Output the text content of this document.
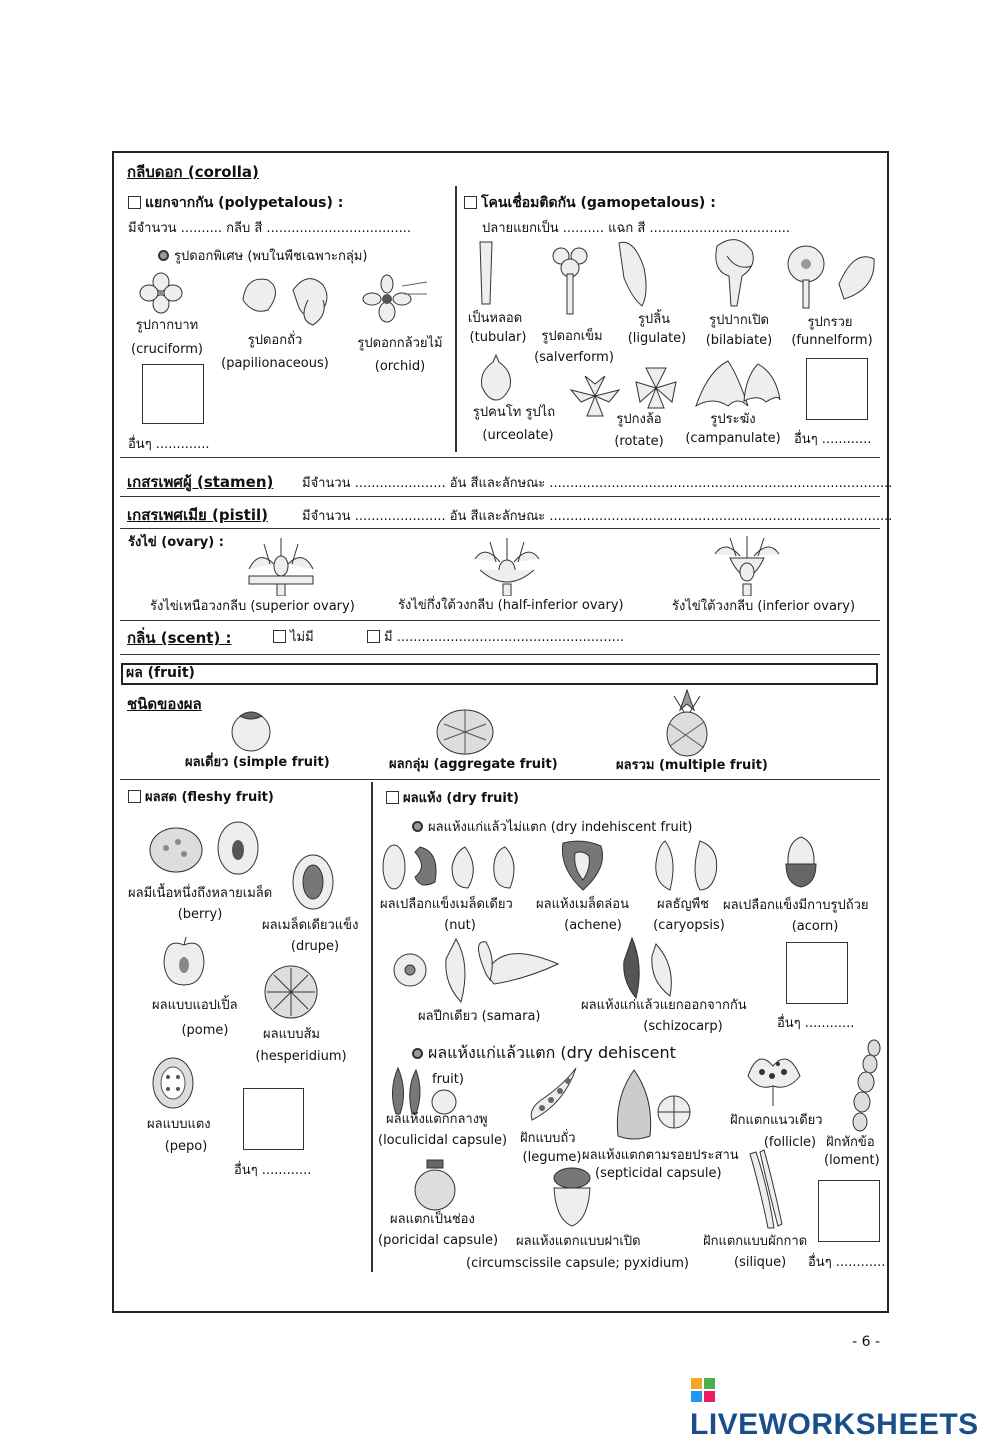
กลีบดอก (corolla)
แยกจากกัน (polypetalous) :
มีจำนวน .......... กลีบ สี ...................................
รูปดอกพิเศษ (พบในพืชเฉพาะกลุ่ม)
รูปกากบาท
(cruciform)
รูปดอกถั่ว
(papilionaceous)
รูปดอกกล้วยไม้
(orchid)
อื่นๆ .............
โคนเชื่อมติดกัน (gamopetalous) :
ปลายแยกเป็น .......... แฉก สี ..................................
เป็นหลอด
(tubular)	รูปดอกเข็ม
(salverform)
รูปลิ้น
(ligulate)
รูปปากเปิด
(bilabiate)
รูปกรวย
(funnelform)
รูปคนโท รูปไถ
(urceolate)
รูปกงล้อ
(rotate)
รูประฆัง
(campanulate)	อื่นๆ ............
เกสรเพศผู้ (stamen) มีจำนวน ...................... อัน สีและลักษณะ ...................................................................................
เกสรเพศเมีย (pistil)	มีจำนวน ...................... อัน สีและลักษณะ ...................................................................................
รังไข่ (ovary) :
รังไข่เหนือวงกลีบ (superior ovary)	รังไข่กึ่งใต้วงกลีบ (half-inferior ovary)	รังไข่ใต้วงกลีบ (inferior ovary)
กลิ่น (scent) :	ไม่มี	มี .......................................................
ผล (fruit)
ชนิดของผล
ผลเดี่ยว (simple fruit)	ผลกลุ่ม (aggregate fruit)	ผลรวม (multiple fruit)
ผลสด (fleshy fruit)
ผลมีเนื้อหนึ่งถึงหลายเมล็ด
(berry)
ผลเมล็ดเดียวแข็ง
(drupe)
ผลแบบแอปเปิ้ล
(pome)	ผลแบบส้ม
(hesperidium)
ผลแบบแตง
(pepo)
อื่นๆ ............
ผลแห้ง (dry fruit)
ผลแห้งแก่แล้วไม่แตก (dry indehiscent fruit)
ผลเปลือกแข็งเมล็ดเดียว
(nut)
ผลแห้งเมล็ดล่อน
(achene)
ผลธัญพืช
(caryopsis)
ผลเปลือกแข็งมีกาบรูปถ้วย
(acorn)
ผลปีกเดียว (samara)
ผลแห้งแก่แล้วแยกออกจากกัน
(schizocarp)	อื่นๆ ............
ผลแห้งแก่แล้วแตก (dry dehiscent
fruit)
ผลแห้งแตกกลางพู
(loculicidal capsule) ฝักแบบถั่ว
(legume) ผลแห้งแตกตามรอยประสาน
(septicidal capsule)
ฝักแตกแนวเดียว
(follicle) ฝักหักข้อ
(loment)
ผลแตกเป็นช่อง
(poricidal capsule) ผลแห้งแตกแบบฝาเปิด
(circumscissile capsule; pyxidium)
ฝักแตกแบบผักกาด
(silique) อื่นๆ ............
- 6 -
LIVEWORKSHEETS
